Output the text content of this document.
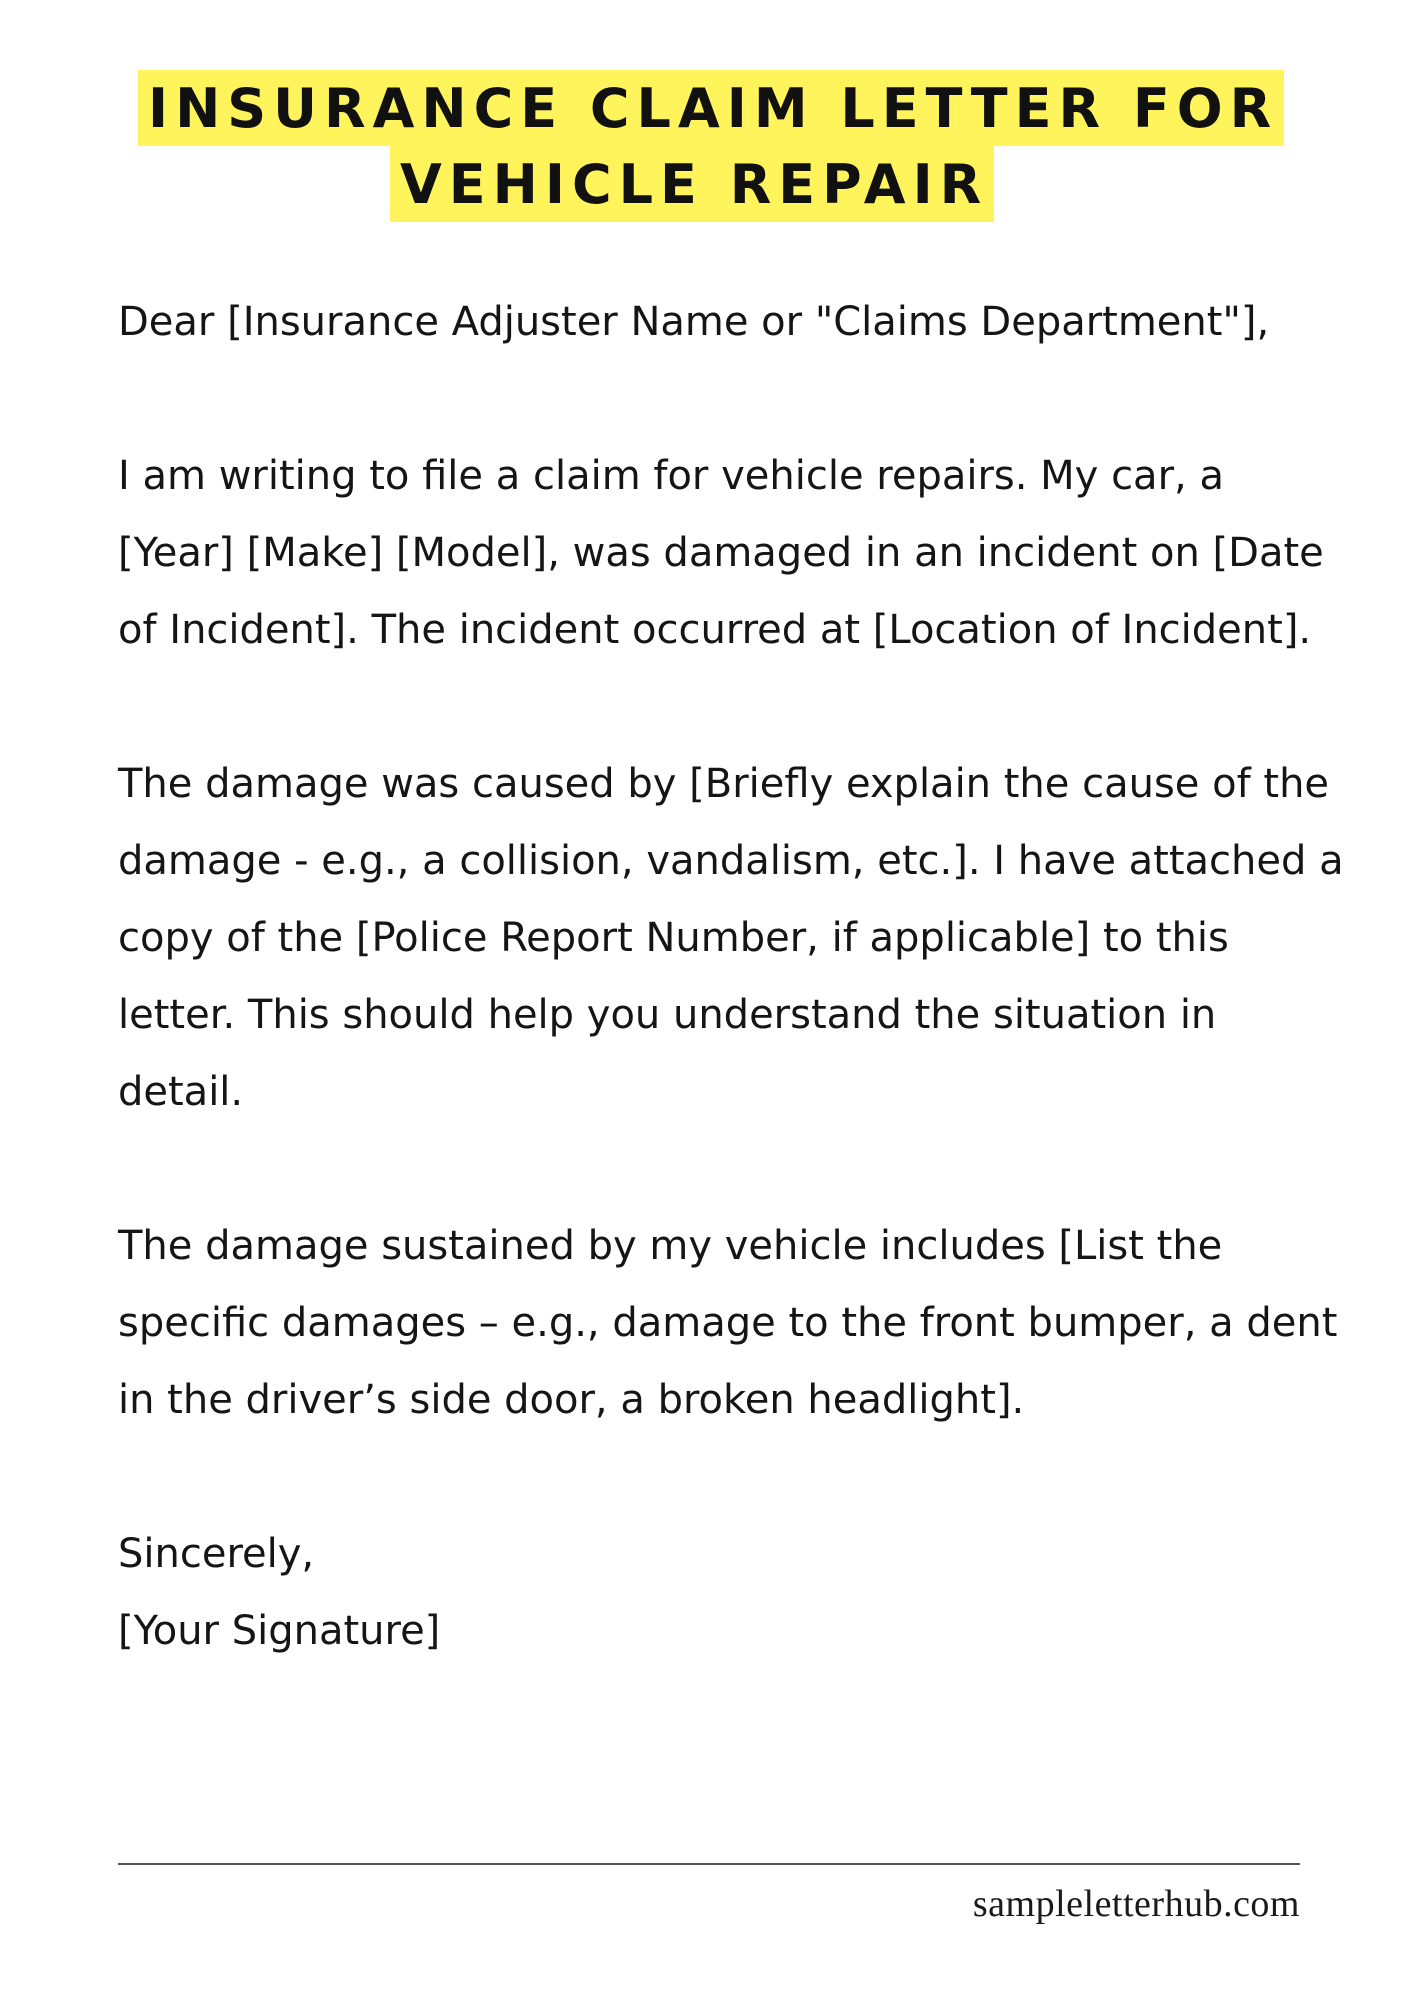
INSURANCE CLAIM LETTER FOR
VEHICLE REPAIR

Dear [Insurance Adjuster Name or "Claims Department"],

I am writing to file a claim for vehicle repairs. My car, a [Year] [Make] [Model], was damaged in an incident on [Date of Incident]. The incident occurred at [Location of Incident].

The damage was caused by [Briefly explain the cause of the damage - e.g., a collision, vandalism, etc.]. I have attached a copy of the [Police Report Number, if applicable] to this letter. This should help you understand the situation in detail.

The damage sustained by my vehicle includes [List the specific damages – e.g., damage to the front bumper, a dent in the driver’s side door, a broken headlight].

Sincerely,
[Your Signature]
sampleletterhub.com
